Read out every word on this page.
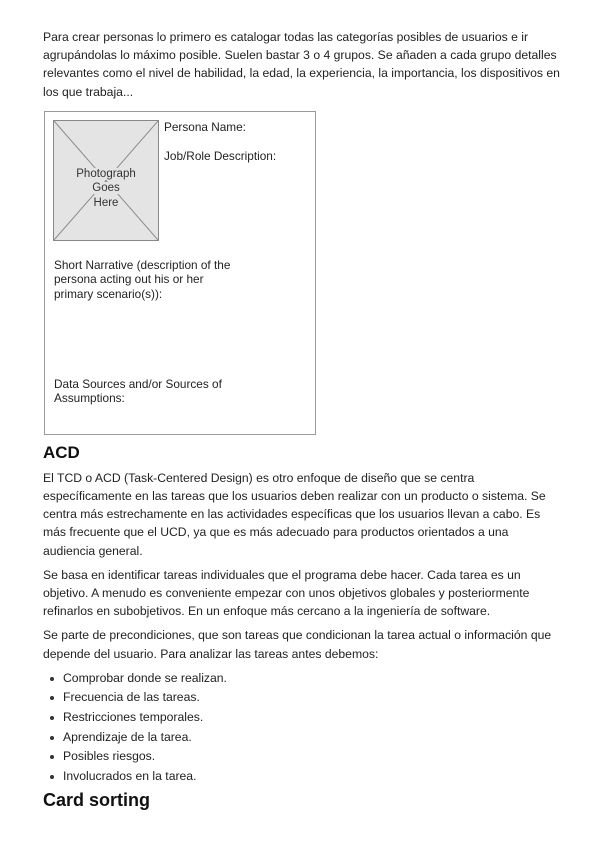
Para crear personas lo primero es catalogar todas las categorías posibles de usuarios e ir agrupándolas lo máximo posible. Suelen bastar 3 o 4 grupos. Se añaden a cada grupo detalles relevantes como el nivel de habilidad, la edad, la experiencia, la importancia, los dispositivos en los que trabaja...

Photograph
Goes
Here
Persona Name:
Job/Role Description:
Short Narrative (description of the
persona acting out his or her
primary scenario(s)):
Data Sources and/or Sources of
Assumptions:
ACD

El TCD o ACD (Task-Centered Design) es otro enfoque de diseño que se centra específicamente en las tareas que los usuarios deben realizar con un producto o sistema. Se centra más estrechamente en las actividades específicas que los usuarios llevan a cabo. Es más frecuente que el UCD, ya que es más adecuado para productos orientados a una audiencia general.

Se basa en identificar tareas individuales que el programa debe hacer. Cada tarea es un objetivo. A menudo es conveniente empezar con unos objetivos globales y posteriormente refinarlos en subobjetivos. En un enfoque más cercano a la ingeniería de software.

Se parte de precondiciones, que son tareas que condicionan la tarea actual o información que depende del usuario. Para analizar las tareas antes debemos:

Comprobar donde se realizan.
Frecuencia de las tareas.
Restricciones temporales.
Aprendizaje de la tarea.
Posibles riesgos.
Involucrados en la tarea.
Card sorting
